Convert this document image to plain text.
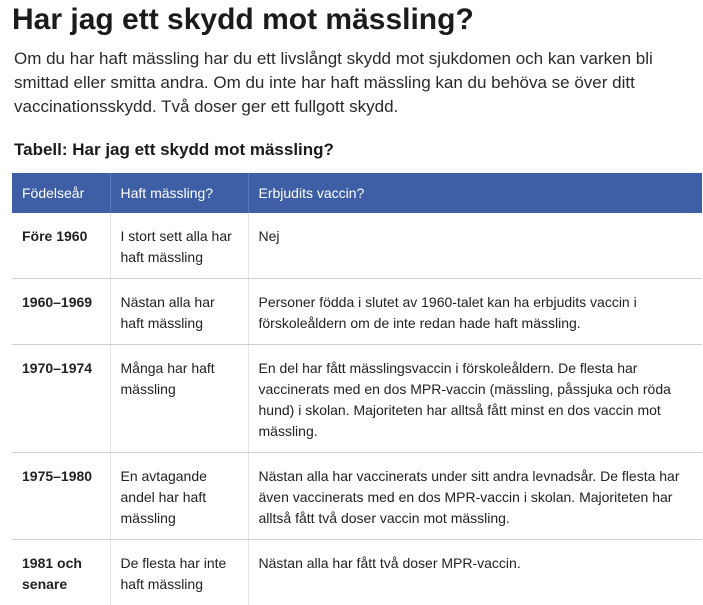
Har jag ett skydd mot mässling?

Om du har haft mässling har du ett livslångt skydd mot sjukdomen och kan varken bli smittad eller smitta andra. Om du inte har haft mässling kan du behöva se över ditt vaccinationsskydd. Två doser ger ett fullgott skydd.

Tabell: Har jag ett skydd mot mässling?
Födelseår	Haft mässling?	Erbjudits vaccin?
Före 1960	I stort sett alla har haft mässling	Nej
1960–1969	Nästan alla har haft mässling	Personer födda i slutet av 1960-talet kan ha erbjudits vaccin i förskoleåldern om de inte redan hade haft mässling.
1970–1974	Många har haft mässling	En del har fått mässlingsvaccin i förskoleåldern. De flesta har vaccinerats med en dos MPR-vaccin (mässling, påssjuka och röda hund) i skolan. Majoriteten har alltså fått minst en dos vaccin mot mässling.
1975–1980	En avtagande andel har haft mässling	Nästan alla har vaccinerats under sitt andra levnadsår. De flesta har även vaccinerats med en dos MPR-vaccin i skolan. Majoriteten har alltså fått två doser vaccin mot mässling.
1981 och senare	De flesta har inte haft mässling	Nästan alla har fått två doser MPR-vaccin.
